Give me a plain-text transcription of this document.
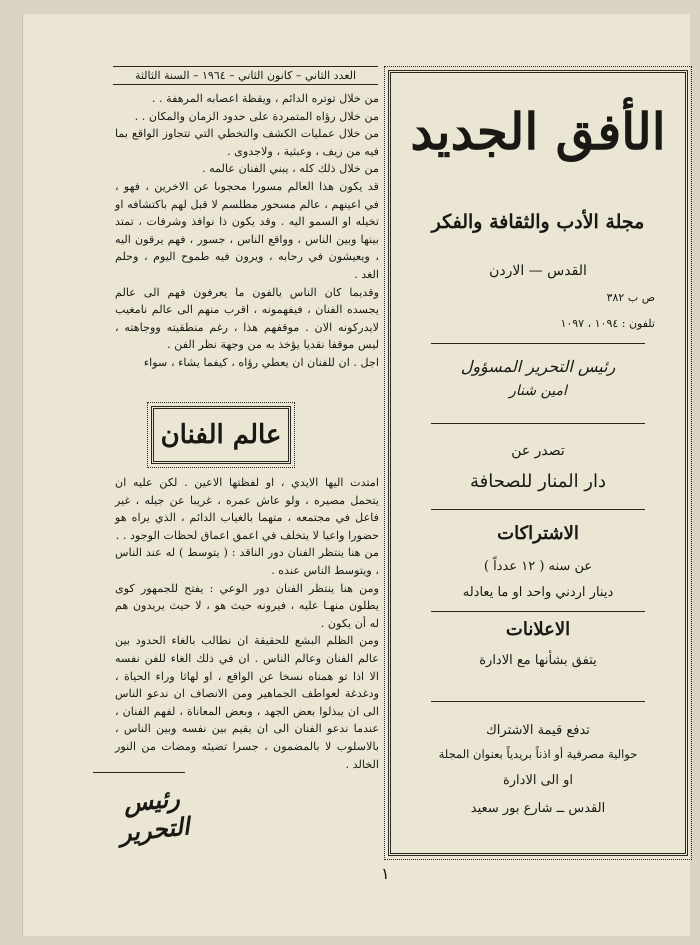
الأفق الجديد
مجلة الأدب والثقافة والفكر
القدس — الاردن
ص ب ٣٨٢
تلفون : ١٠٩٤ ، ١٠٩٧
رئيس التحرير المسؤول
امين شنار
تصدر عن
دار المنار للصحافة
الاشتراكات
عن سنه ( ١٢ عدداً )
دينار اردني واحد او ما يعادله
الاعلانات
يتفق بشأنها مع الادارة
تدفع قيمة الاشتراك
حوالية مصرفية أو اذناً بريدياً بعنوان المجلة
او الى الادارة
القدس ــ شارع بور سعيد
العدد الثاني – كانون الثاني – ١٩٦٤ – السنة الثالثة

من خلال توتره الدائم ، ويقظة اعصابه المرهفة . .

من خلال رؤاه المتمردة على حدود الزمان والمكان . .

من خلال عمليات الكشف والتخطي التي تتجاوز الواقع بما فيه من زيف ، وعبثية ، ولاجدوى .

من خلال ذلك كله ، يبني الفنان عالمه .

قد يكون هذا العالم مسورا محجوبا عن الاخرين ، فهو ، في اعينهم ، عالم مسحور مطلسم لا قبل لهم باكتشافه او تخيله او السمو اليه . وقد يكون ذا نوافذ وشرفات ، تمتد بينها وبين الناس ، وواقع الناس ، جسور ، فهم يرقون اليه ، ويعيشون في رحابه ، ويرون فيه طموح اليوم ، وحلم الغد .

وقديما كان الناس يالفون ما يعرفون فهم الى عالم يجسده الفنان ، فيفهمونه ، اقرب منهم الى عالم نامغيب لايدركونه الان . موقفهم هذا ، رغم منطقيته ووجاهته ، ليس موقفا نقديا يؤخذ به من وجهة نظر الفن .

اجل . ان للفنان ان يعطي رؤاه ، كيفما يشاء ، سواء

عالم الفنان

امتدت اليها الايدي ، او لفظتها الاعين . لكن عليه ان يتحمل مصيره ، ولو عاش عمره ، غريبا عن جيله ، غير فاعل في مجتمعه ، متهما بالغياب الدائم ، الذي يراه هو حضورا واعيا لا يتخلف في اعمق اعماق لحظات الوجود . .

من هنا ينتظر الفنان دور الناقد : ( يتوسط ) له عند الناس ، ويتوسط الناس عنده .

ومن هنا ينتظر الفنان دور الوعي : يفتح للجمهور كوى يطلون منهـا عليه ، فيرونه حيث هو ، لا حيث يريدون هم له أن يكون .

ومن الظلم البشع للحقيقة ان نطالب بالغاء الحدود بين عالم الفنان وعالم الناس . ان في ذلك الغاء للفن نفسه الا اذا تو همناه نسخا عن الواقع ، او لهاثا وراء الحياة ، ودغدغة لعواطف الجماهير ومن الانصاف ان ندعو الناس الى ان يبذلوا بعض الجهد ، وبعض المعاناة ، لفهم الفنان ، عندما ندعو الفنان الى ان يقيم بين نفسه وبين الناس ، بالاسلوب لا بالمضمون ، جسرا تضيئه ومضات من النور الخالد .

رئيس التحرير
١
